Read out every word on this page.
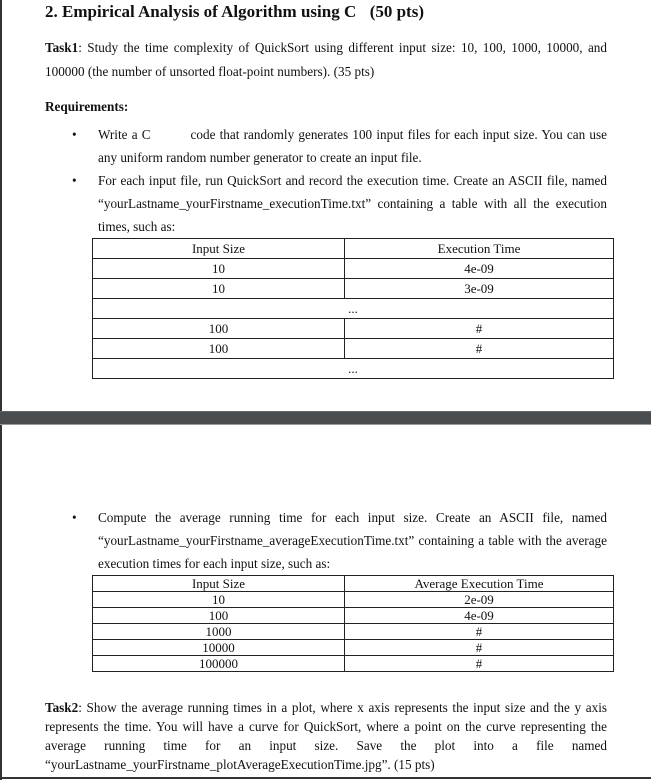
2. Empirical Analysis of Algorithm using C (50 pts)
Task1: Study the time complexity of QuickSort using different input size: 10, 100, 1000, 10000, and 100000 (the number of unsorted float-point numbers). (35 pts)
Requirements:
• Write a C	code that randomly generates 100 input files for each input size. You can use any uniform random number generator to create an input file.
• For each input file, run QuickSort and record the execution time. Create an ASCII file, named “yourLastname_yourFirstname_executionTime.txt” containing a table with all the execution times, such as:
Input Size	Execution Time
10	4e-09
10	3e-09
...	
100	#
100	#
...	
• Compute the average running time for each input size. Create an ASCII file, named “yourLastname_yourFirstname_averageExecutionTime.txt” containing a table with the average execution times for each input size, such as:
Input Size	Average Execution Time
10	2e-09
100	4e-09
1000	#
10000	#
100000	#
Task2: Show the average running times in a plot, where x axis represents the input size and the y axis represents the time. You will have a curve for QuickSort, where a point on the curve representing the average running time for an input size. Save the plot into a file named “yourLastname_yourFirstname_plotAverageExecutionTime.jpg”. (15 pts)
